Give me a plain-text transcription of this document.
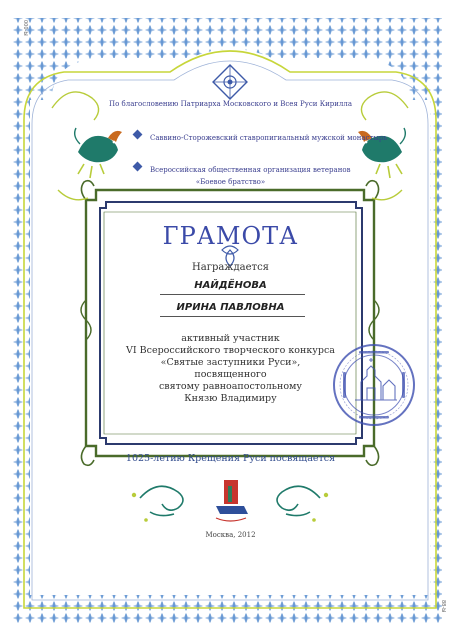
000-Ы
88-Ы
По благословению Патриарха Московского и Всея Руси Кирилла
Саввино-Сторожевский ставропигиальный мужской монастырь
Всероссийская общественная организация ветеранов
«Боевое братство»
ГРАМОТА
Награждается
НАЙДЁНОВА
ИРИНА ПАВЛОВНА
активный участник
VI Всероссийского творческого конкурса
«Святые заступники Руси»,
посвященного
святому равноапостольному
Князю Владимиру
1025-летию Крещения Руси посвящается
Москва, 2012
